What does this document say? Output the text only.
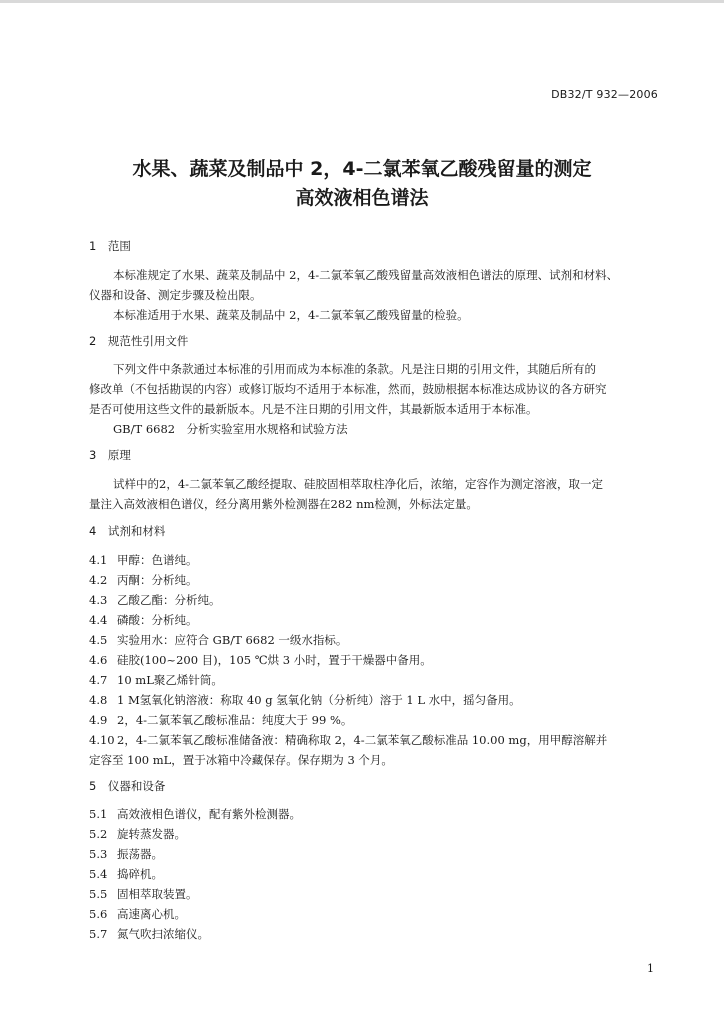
DB32/T 932—2006
水果、蔬菜及制品中 2，4-二氯苯氧乙酸残留量的测定
高效液相色谱法
1　范围
本标准规定了水果、蔬菜及制品中 2，4-二氯苯氧乙酸残留量高效液相色谱法的原理、试剂和材料、
仪器和设备、测定步骤及检出限。
本标准适用于水果、蔬菜及制品中 2，4-二氯苯氧乙酸残留量的检验。
2　规范性引用文件
下列文件中条款通过本标准的引用而成为本标准的条款。凡是注日期的引用文件，其随后所有的
修改单（不包括勘误的内容）或修订版均不适用于本标准，然而，鼓励根据本标准达成协议的各方研究
是否可使用这些文件的最新版本。凡是不注日期的引用文件，其最新版本适用于本标准。
GB/T 6682　分析实验室用水规格和试验方法
3　原理
试样中的2，4-二氯苯氧乙酸经提取、硅胶固相萃取柱净化后，浓缩，定容作为测定溶液，取一定
量注入高效液相色谱仪，经分离用紫外检测器在282 nm检测，外标法定量。
4　试剂和材料
4.1 甲醇：色谱纯。
4.2 丙酮：分析纯。
4.3 乙酸乙酯：分析纯。
4.4 磷酸：分析纯。
4.5 实验用水：应符合 GB/T 6682 一级水指标。
4.6 硅胶(100~200 目)，105 ℃烘 3 小时，置于干燥器中备用。
4.7 10 mL聚乙烯针筒。
4.8 1 M氢氧化钠溶液：称取 40 g 氢氧化钠（分析纯）溶于 1 L 水中，摇匀备用。
4.9 2，4-二氯苯氧乙酸标准品：纯度大于 99 %。
4.10 2，4-二氯苯氧乙酸标准储备液：精确称取 2，4-二氯苯氧乙酸标准品 10.00 mg，用甲醇溶解并
定容至 100 mL，置于冰箱中冷藏保存。保存期为 3 个月。
5　仪器和设备
5.1 高效液相色谱仪，配有紫外检测器。
5.2 旋转蒸发器。
5.3 振荡器。
5.4 捣碎机。
5.5 固相萃取装置。
5.6 高速离心机。
5.7 氮气吹扫浓缩仪。
1
